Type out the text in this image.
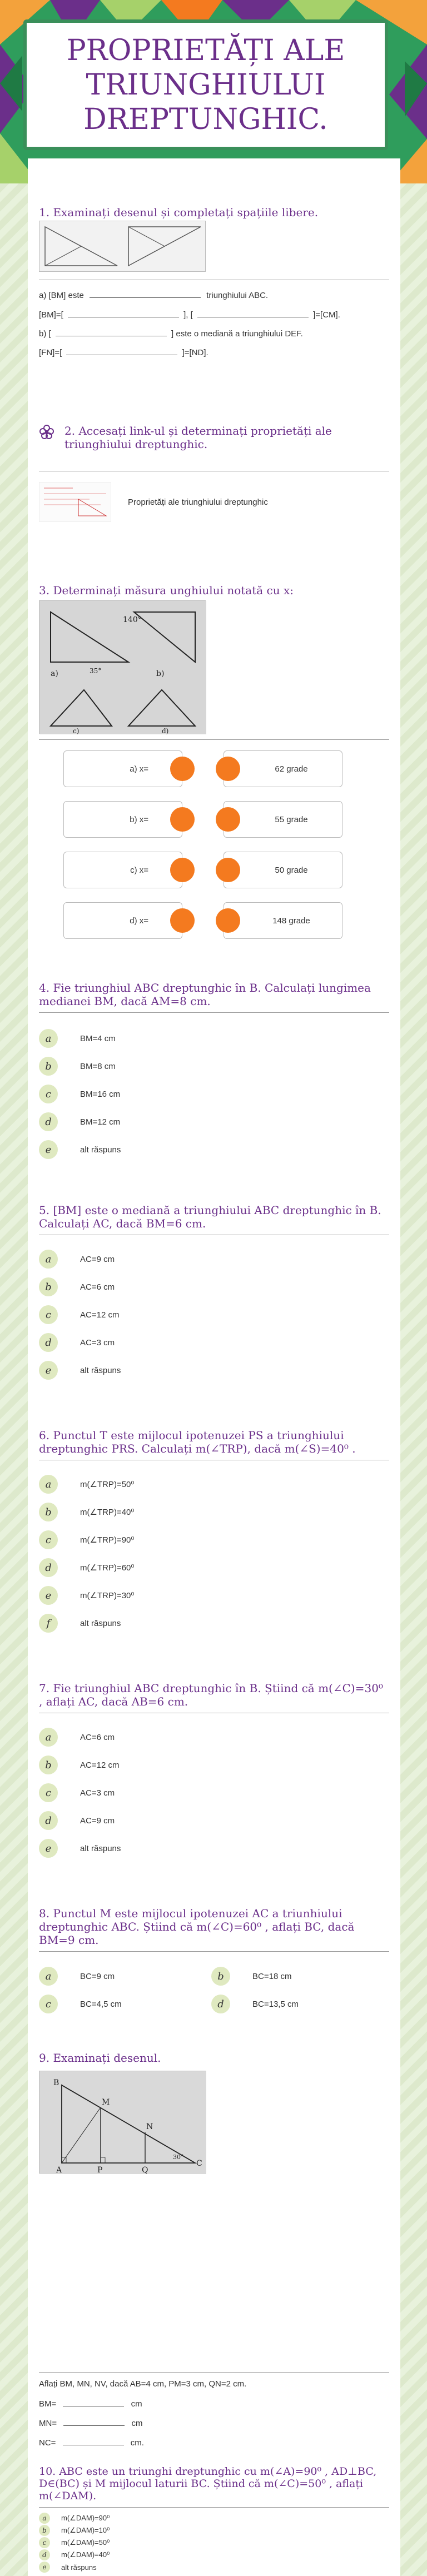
PROPRIETĂȚI ALE TRIUNGHIULUI DREPTUNGHIC.
1. Examinați desenul și completați spațiile libere.
a) [BM] este	triunghiului ABC.
[BM]=[	], [	]=[CM].
b) [	] este o mediană a triunghiului DEF.
[FN]=[	]=[ND].
2. Accesați link-ul și determinați proprietăți ale triunghiului dreptunghic.
Proprietăți ale triunghiului dreptunghic
3. Determinați măsura unghiului notată cu x:
35°
a)
140°
b)
c)	d)
a) x=	62 grade
b) x=	55 grade
c) x=	50 grade
d) x=	148 grade
4. Fie triunghiul ABC dreptunghic în B. Calculați lungimea medianei BM, dacă AM=8 cm.
a	BM=4 cm
b	BM=8 cm
c	BM=16 cm
d	BM=12 cm
e	alt răspuns
5. [BM] este o mediană a triunghiului ABC dreptunghic în B. Calculați AC, dacă BM=6 cm.
a	AC=9 cm
b	AC=6 cm
c	AC=12 cm
d	AC=3 cm
e	alt răspuns
6. Punctul T este mijlocul ipotenuzei PS a triunghiului dreptunghic PRS. Calculați m(∠TRP), dacă m(∠S)=40⁰ .
a	m(∠TRP)=50⁰
b	m(∠TRP)=40⁰
c	m(∠TRP)=90⁰
d	m(∠TRP)=60⁰
e	m(∠TRP)=30⁰
f	alt răspuns
7. Fie triunghiul ABC dreptunghic în B. Știind că m(∠C)=30⁰ , aflați AC, dacă AB=6 cm.
a	AC=6 cm
b	AC=12 cm
c	AC=3 cm
d	AC=9 cm
e	alt răspuns
8. Punctul M este mijlocul ipotenuzei AC a triunhiului dreptunghic ABC. Știind că m(∠C)=60⁰ , aflați BC, dacă BM=9 cm.
a	BC=9 cm	b	BC=18 cm
c	BC=4,5 cm	d	BC=13,5 cm
9. Examinați desenul.
B
M
N
A	P	Q
C
30°
Aflați BM, MN, NV, dacă AB=4 cm, PM=3 cm, QN=2 cm.
BM=	cm
MN=	cm
NC=	cm.
10. ABC este un triunghi dreptunghic cu m(∠A)=90⁰ , AD⊥BC, D∈(BC) și M mijlocul laturii BC. Știind că m(∠C)=50⁰ , aflați m(∠DAM).
a	m(∠DAM)=90⁰
b	m(∠DAM)=10⁰
c	m(∠DAM)=50⁰
d	m(∠DAM)=40⁰
e	alt răspuns
